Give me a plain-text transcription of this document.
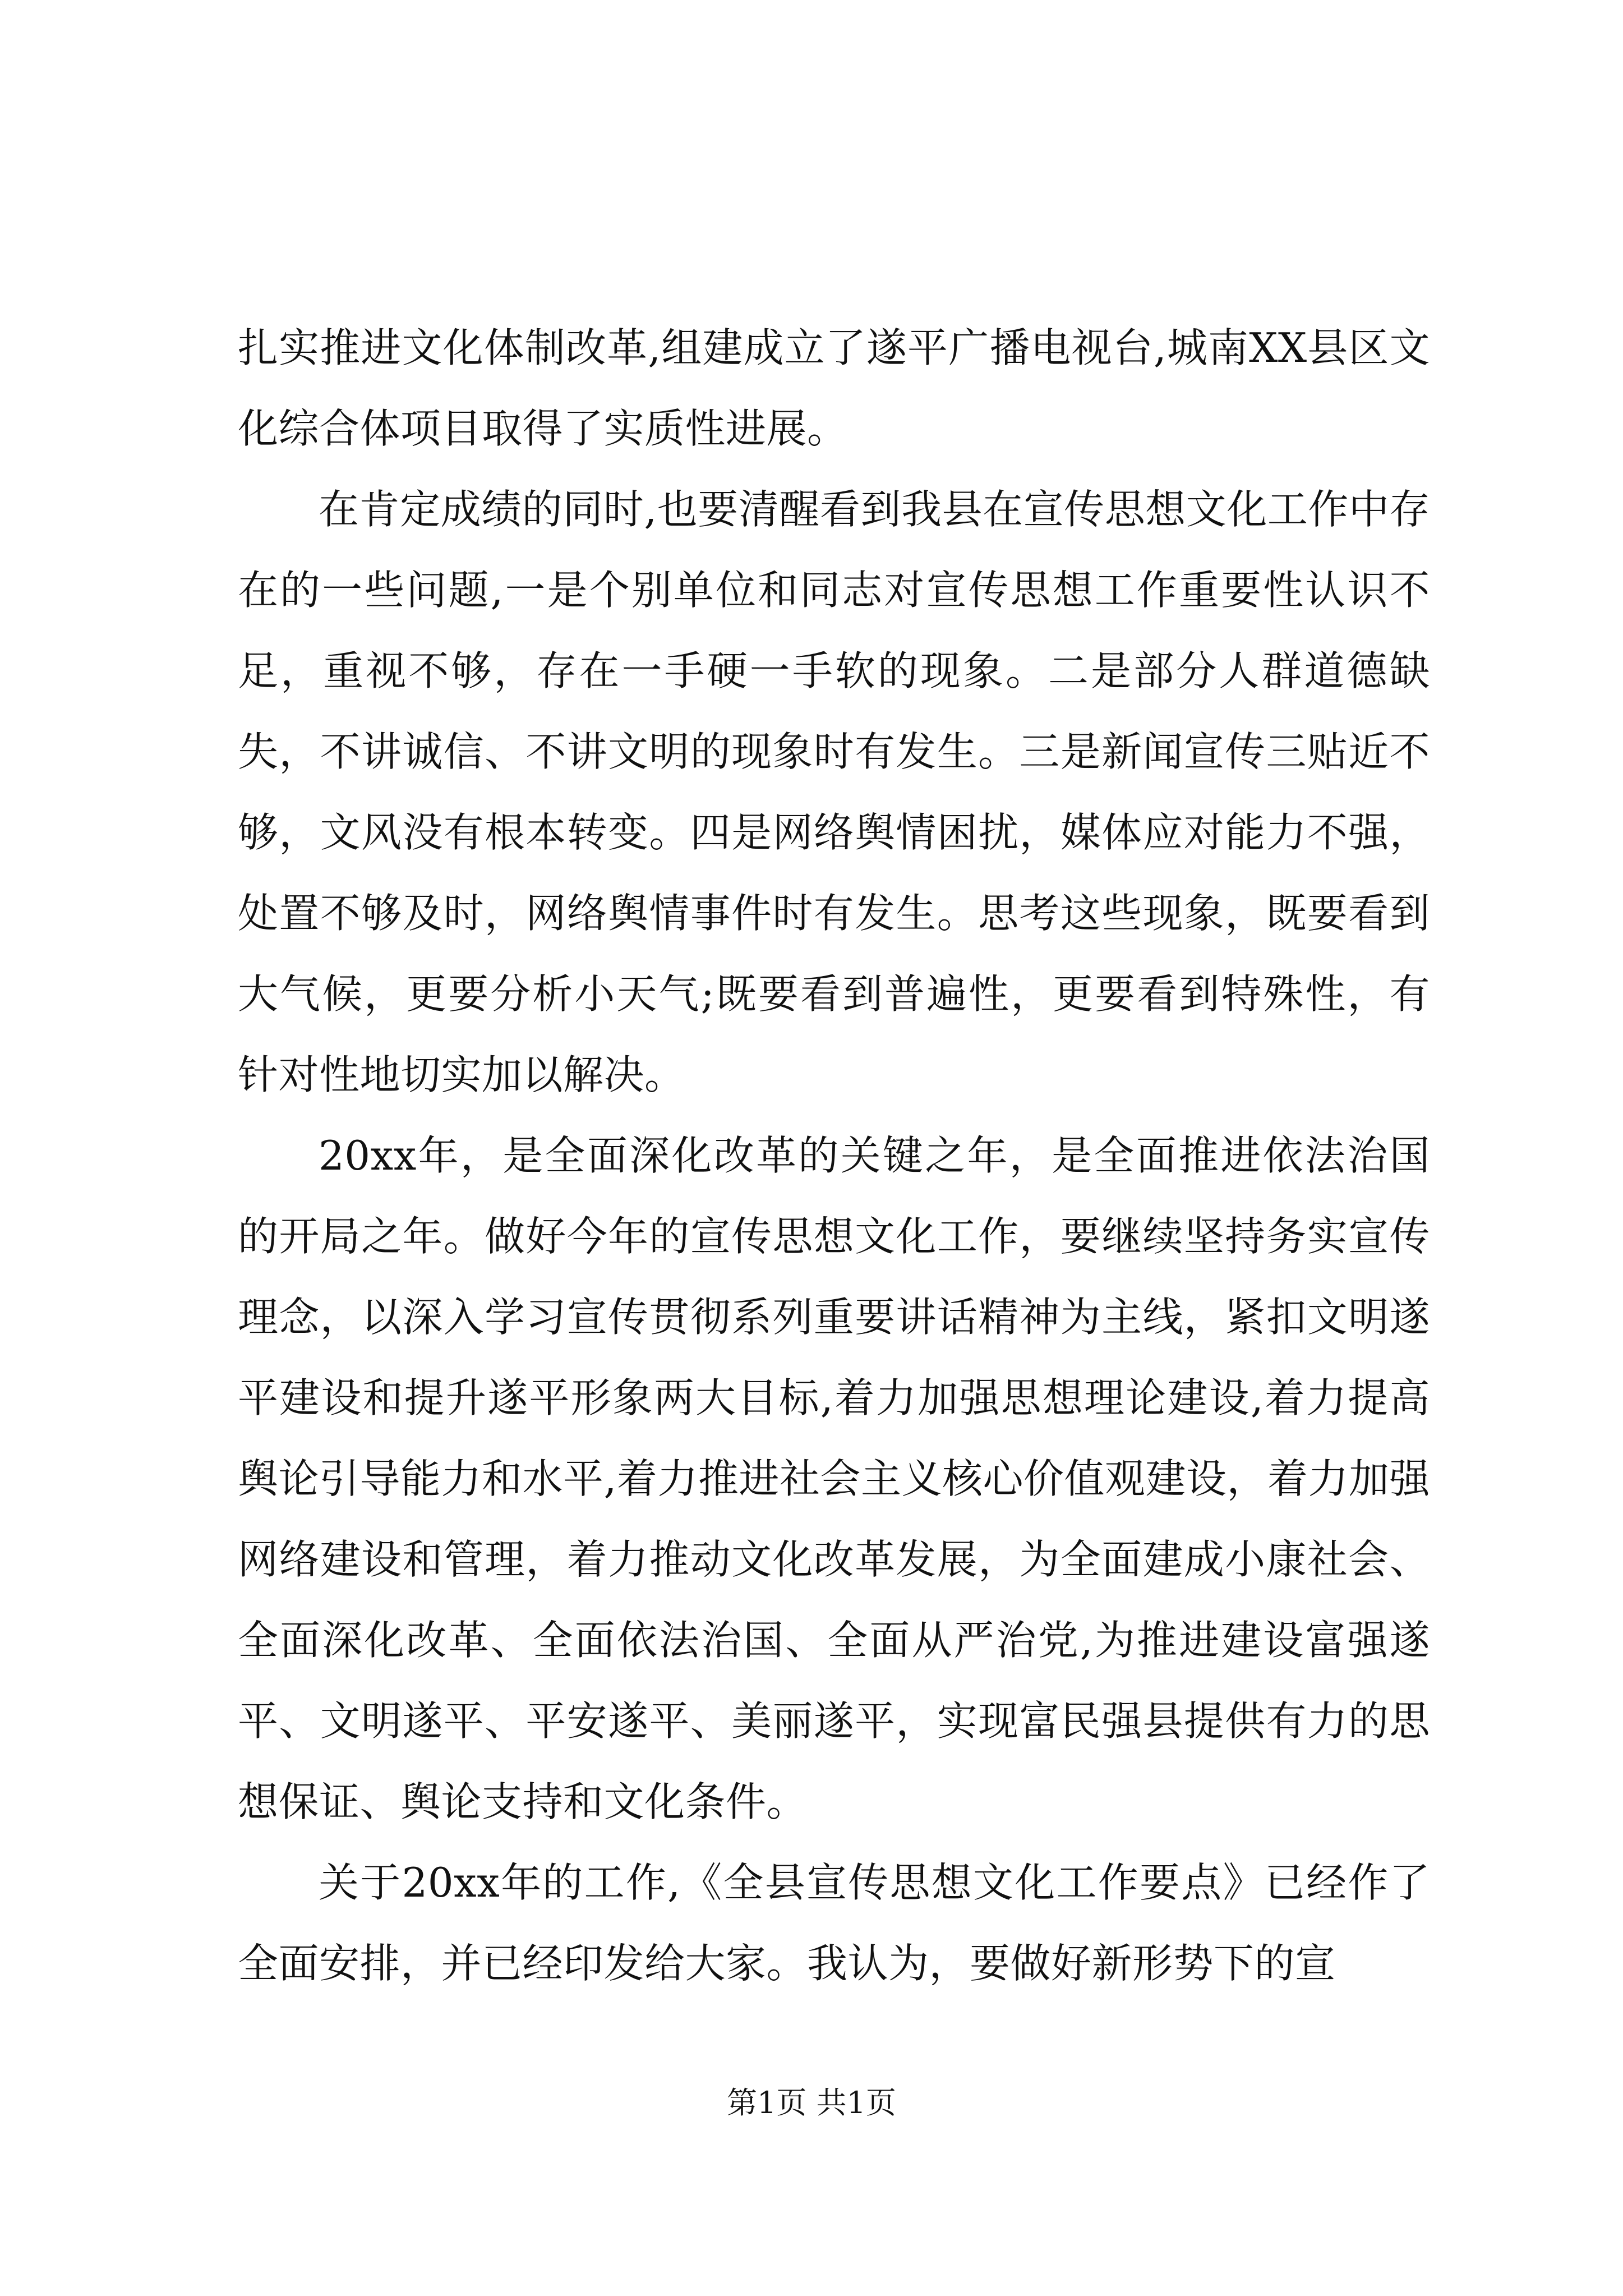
扎实推进文化体制改革,组建成立了遂平广播电视台,城南XX县区文化综合体项目取得了实质性进展。

在肯定成绩的同时,也要清醒看到我县在宣传思想文化工作中存在的一些问题,一是个别单位和同志对宣传思想工作重要性认识不足，重视不够，存在一手硬一手软的现象。二是部分人群道德缺失，不讲诚信、不讲文明的现象时有发生。三是新闻宣传三贴近不够，文风没有根本转变。四是网络舆情困扰，媒体应对能力不强，处置不够及时，网络舆情事件时有发生。思考这些现象，既要看到大气候，更要分析小天气;既要看到普遍性，更要看到特殊性，有针对性地切实加以解决。

20xx年，是全面深化改革的关键之年，是全面推进依法治国的开局之年。做好今年的宣传思想文化工作，要继续坚持务实宣传理念，以深入学习宣传贯彻系列重要讲话精神为主线，紧扣文明遂平建设和提升遂平形象两大目标,着力加强思想理论建设,着力提高舆论引导能力和水平,着力推进社会主义核心价值观建设，着力加强网络建设和管理，着力推动文化改革发展，为全面建成小康社会、全面深化改革、全面依法治国、全面从严治党,为推进建设富强遂平、文明遂平、平安遂平、美丽遂平，实现富民强县提供有力的思想保证、舆论支持和文化条件。

关于20xx年的工作,《全县宣传思想文化工作要点》已经作了全面安排，并已经印发给大家。我认为，要做好新形势下的宣

第1页 共1页
